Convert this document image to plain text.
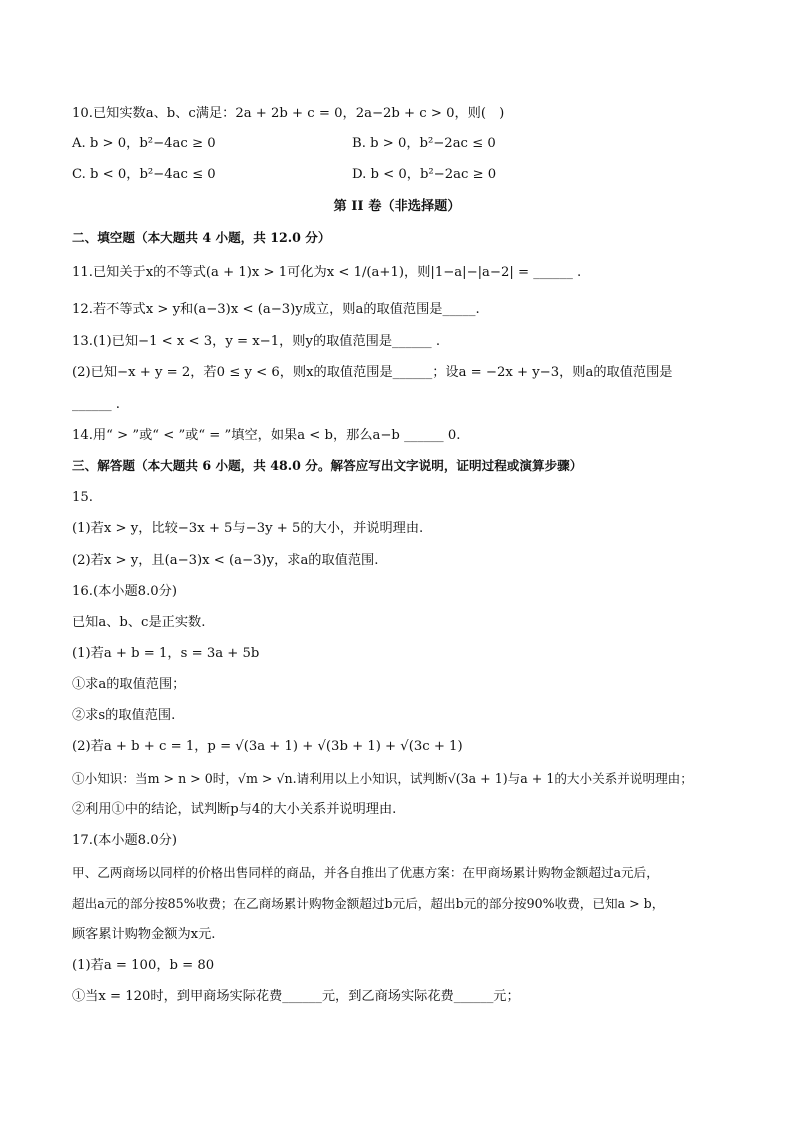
10.已知实数a、b、c满足：2a + 2b + c = 0，2a−2b + c > 0，则(　)
A. b > 0，b²−4ac ≥ 0	B. b > 0，b²−2ac ≤ 0
C. b < 0，b²−4ac ≤ 0	D. b < 0，b²−2ac ≥ 0
第 II 卷（非选择题）
二、填空题（本大题共 4 小题，共 12.0 分）
11.已知关于x的不等式(a + 1)x > 1可化为x < 1/(a+1)，则|1−a|−|a−2| = ______ .
12.若不等式x > y和(a−3)x < (a−3)y成立，则a的取值范围是_____.
13.(1)已知−1 < x < 3，y = x−1，则y的取值范围是______ .
(2)已知−x + y = 2，若0 ≤ y < 6，则x的取值范围是______；设a = −2x + y−3，则a的取值范围是
______ .
14.用“ > ”或“ < ”或“ = ”填空，如果a < b，那么a−b ______ 0.
三、解答题（本大题共 6 小题，共 48.0 分。解答应写出文字说明，证明过程或演算步骤）
15.
(1)若x > y，比较−3x + 5与−3y + 5的大小，并说明理由.
(2)若x > y，且(a−3)x < (a−3)y，求a的取值范围.
16.(本小题8.0分)
已知a、b、c是正实数.
(1)若a + b = 1，s = 3a + 5b
①求a的取值范围；
②求s的取值范围.
(2)若a + b + c = 1，p = √(3a + 1) + √(3b + 1) + √(3c + 1)
①小知识：当m > n > 0时，√m > √n.请利用以上小知识，试判断√(3a + 1)与a + 1的大小关系并说明理由；
②利用①中的结论，试判断p与4的大小关系并说明理由.
17.(本小题8.0分)
甲、乙两商场以同样的价格出售同样的商品，并各自推出了优惠方案：在甲商场累计购物金额超过a元后，
超出a元的部分按85%收费；在乙商场累计购物金额超过b元后，超出b元的部分按90%收费，已知a > b，
顾客累计购物金额为x元.
(1)若a = 100，b = 80
①当x = 120时，到甲商场实际花费______元，到乙商场实际花费______元；
